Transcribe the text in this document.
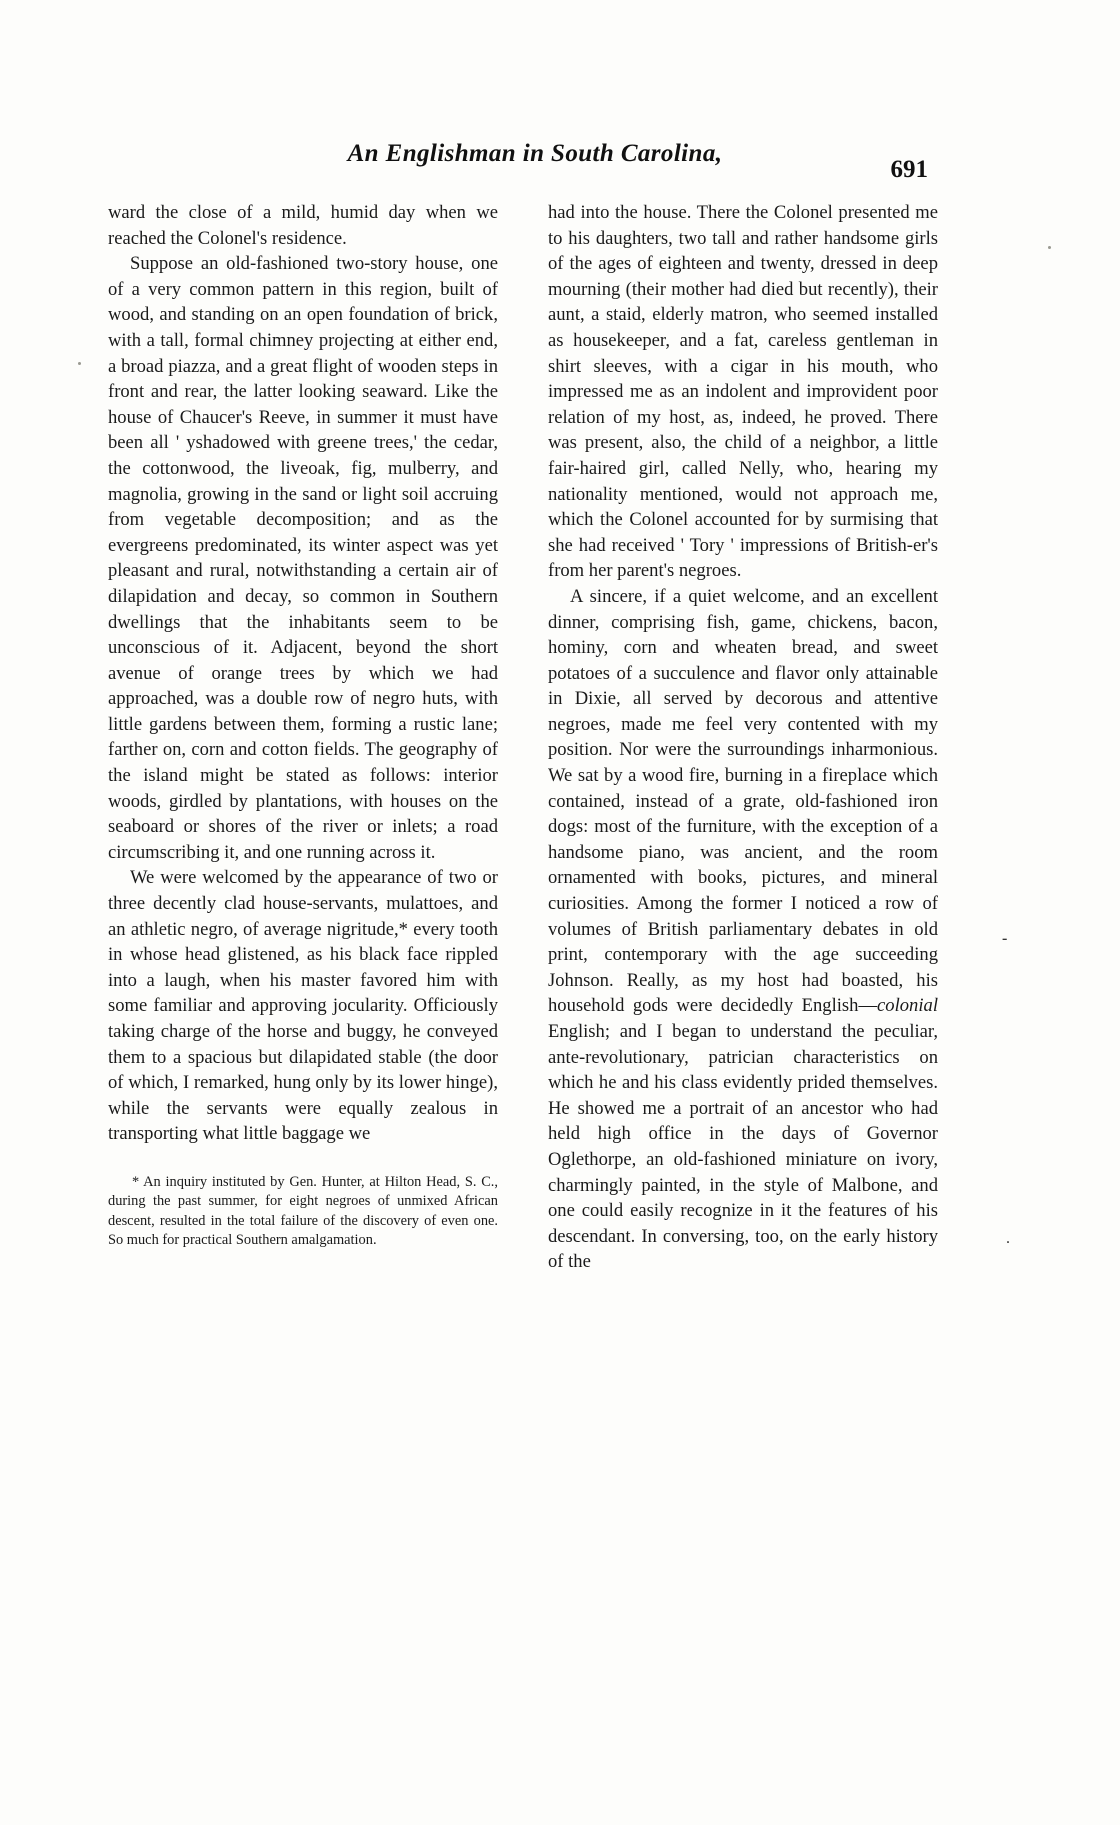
An Englishman in South Carolina,
691

ward the close of a mild, humid day when we reached the Colonel's residence.

Suppose an old-fashioned two-story house, one of a very common pattern in this region, built of wood, and standing on an open foundation of brick, with a tall, formal chimney projecting at either end, a broad piazza, and a great flight of wooden steps in front and rear, the latter looking seaward. Like the house of Chaucer's Reeve, in summer it must have been all ' yshadowed with greene trees,' the cedar, the cottonwood, the liveoak, fig, mulberry, and magnolia, growing in the sand or light soil accruing from vegetable decomposition; and as the evergreens predominated, its winter aspect was yet pleasant and rural, notwithstanding a certain air of dilapidation and decay, so common in Southern dwellings that the inhabitants seem to be unconscious of it. Adjacent, beyond the short avenue of orange trees by which we had approached, was a double row of negro huts, with little gardens between them, forming a rustic lane; farther on, corn and cotton fields. The geography of the island might be stated as follows: interior woods, girdled by plantations, with houses on the seaboard or shores of the river or inlets; a road circumscribing it, and one running across it.

We were welcomed by the appearance of two or three decently clad house-servants, mulattoes, and an athletic negro, of average nigritude,* every tooth in whose head glistened, as his black face rippled into a laugh, when his master favored him with some familiar and approving jocularity. Officiously taking charge of the horse and buggy, he conveyed them to a spacious but dilapidated stable (the door of which, I remarked, hung only by its lower hinge), while the servants were equally zealous in transporting what little baggage we

* An inquiry instituted by Gen. Hunter, at Hilton Head, S. C., during the past summer, for eight negroes of unmixed African descent, resulted in the total failure of the discovery of even one. So much for practical Southern amalgamation.

had into the house. There the Colonel presented me to his daughters, two tall and rather handsome girls of the ages of eighteen and twenty, dressed in deep mourning (their mother had died but recently), their aunt, a staid, elderly matron, who seemed installed as housekeeper, and a fat, careless gentleman in shirt sleeves, with a cigar in his mouth, who impressed me as an indolent and improvident poor relation of my host, as, indeed, he proved. There was present, also, the child of a neighbor, a little fair-haired girl, called Nelly, who, hearing my nationality mentioned, would not approach me, which the Colonel accounted for by surmising that she had received ' Tory ' impressions of British-er's from her parent's negroes.

A sincere, if a quiet welcome, and an excellent dinner, comprising fish, game, chickens, bacon, hominy, corn and wheaten bread, and sweet potatoes of a succulence and flavor only attainable in Dixie, all served by decorous and attentive negroes, made me feel very contented with my position. Nor were the surroundings inharmonious. We sat by a wood fire, burning in a fireplace which contained, instead of a grate, old-fashioned iron dogs: most of the furniture, with the exception of a handsome piano, was ancient, and the room ornamented with books, pictures, and mineral curiosities. Among the former I noticed a row of volumes of British parliamentary debates in old print, contemporary with the age succeeding Johnson. Really, as my host had boasted, his household gods were decidedly English—colonial English; and I began to understand the peculiar, ante-revolutionary, patrician characteristics on which he and his class evidently prided themselves. He showed me a portrait of an ancestor who had held high office in the days of Governor Oglethorpe, an old-fashioned miniature on ivory, charmingly painted, in the style of Malbone, and one could easily recognize in it the features of his descendant. In conversing, too, on the early history of the

-
.
